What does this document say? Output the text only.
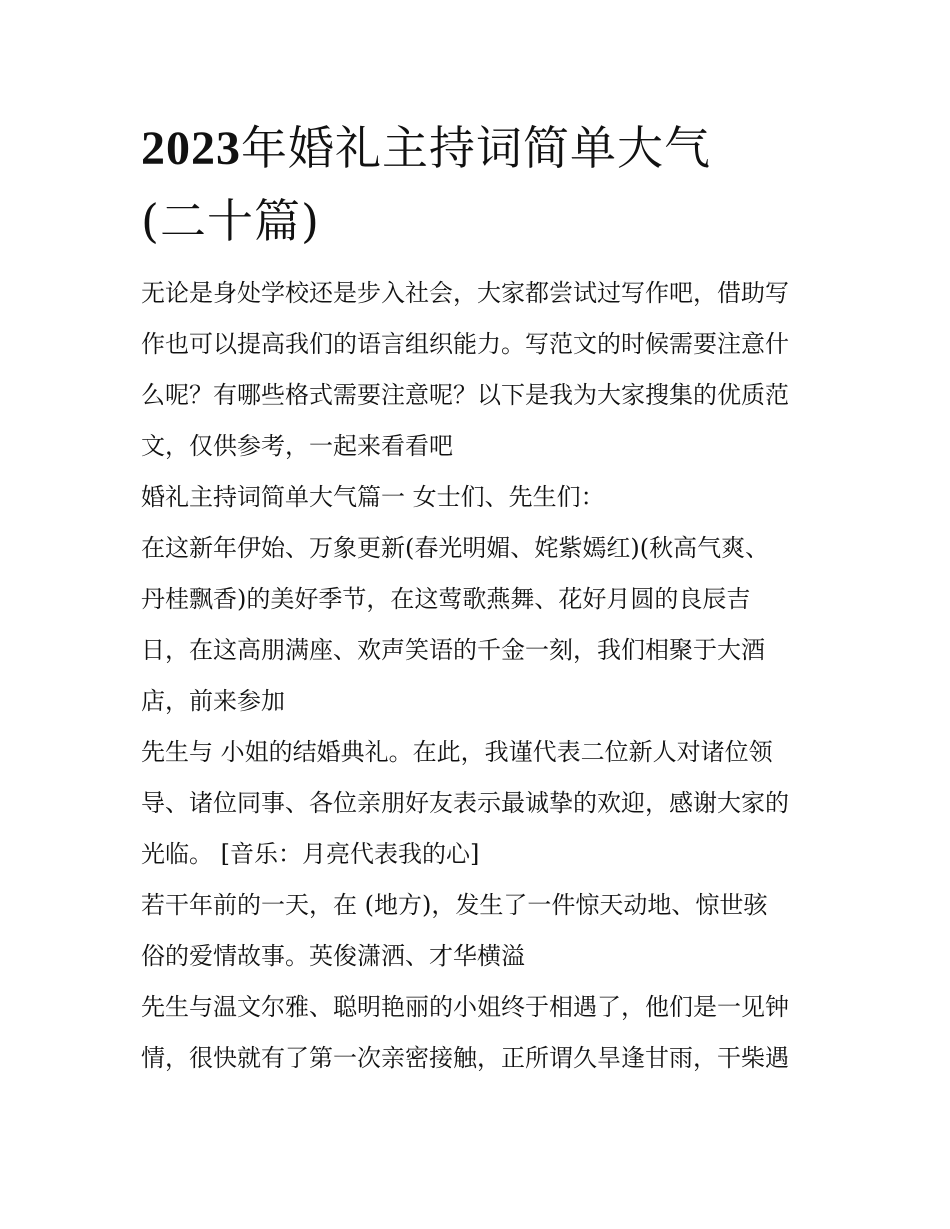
2023年婚礼主持词简单大气
(二十篇)
无论是身处学校还是步入社会，大家都尝试过写作吧，借助写
作也可以提高我们的语言组织能力。写范文的时候需要注意什
么呢？有哪些格式需要注意呢？以下是我为大家搜集的优质范
文，仅供参考，一起来看看吧
婚礼主持词简单大气篇一 女士们、先生们：
在这新年伊始、万象更新(春光明媚、姹紫嫣红)(秋高气爽、
丹桂飘香)的美好季节，在这莺歌燕舞、花好月圆的良辰吉
日，在这高朋满座、欢声笑语的千金一刻，我们相聚于大酒
店，前来参加
先生与 小姐的结婚典礼。在此，我谨代表二位新人对诸位领
导、诸位同事、各位亲朋好友表示最诚挚的欢迎，感谢大家的
光临。 [音乐：月亮代表我的心]
若干年前的一天，在 (地方)，发生了一件惊天动地、惊世骇
俗的爱情故事。英俊潇洒、才华横溢
先生与温文尔雅、聪明艳丽的小姐终于相遇了，他们是一见钟
情，很快就有了第一次亲密接触，正所谓久旱逢甘雨，干柴遇
